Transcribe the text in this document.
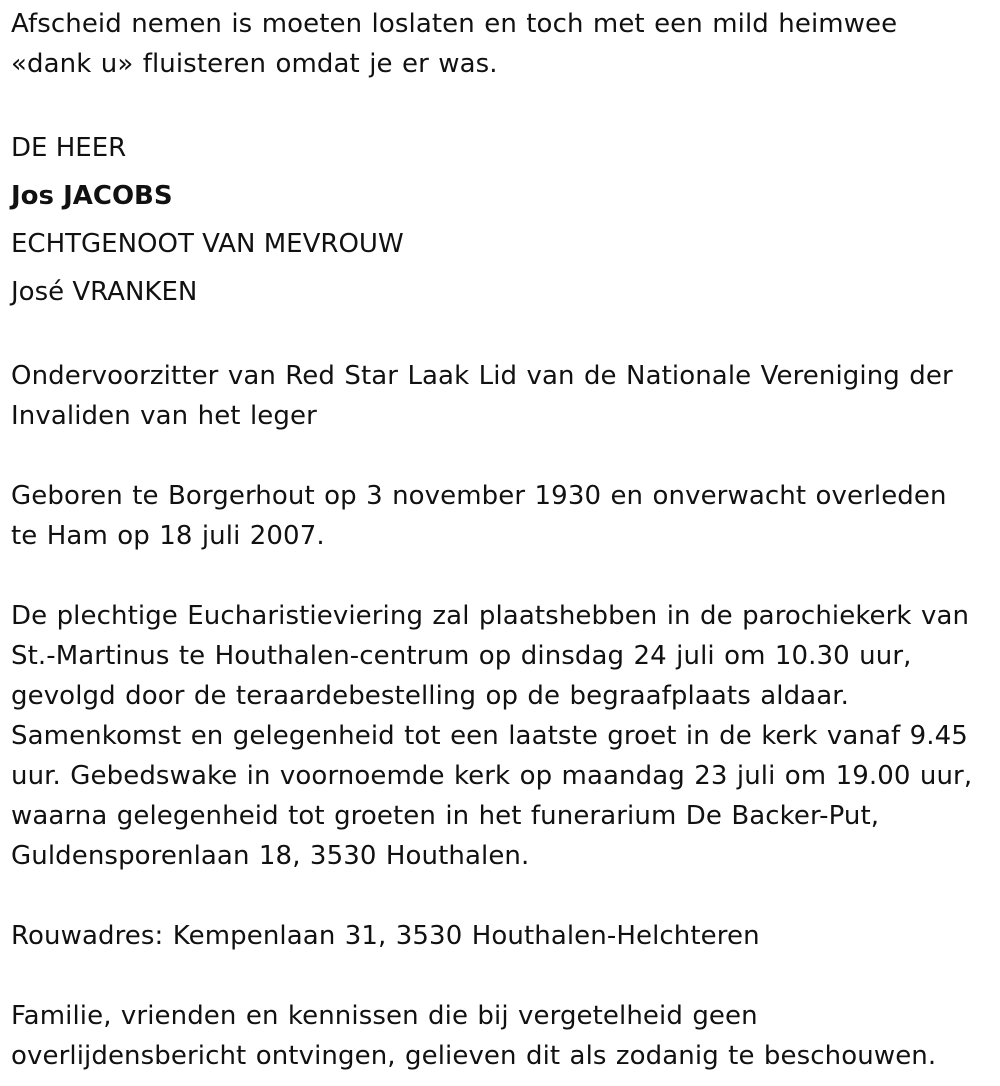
Afscheid nemen is moeten loslaten en toch met een mild heimwee

«dank u» fluisteren omdat je er was.

DE HEER

Jos JACOBS

ECHTGENOOT VAN MEVROUW

José VRANKEN

Ondervoorzitter van Red Star Laak Lid van de Nationale Vereniging der

Invaliden van het leger

Geboren te Borgerhout op 3 november 1930 en onverwacht overleden

te Ham op 18 juli 2007.

De plechtige Eucharistieviering zal plaatshebben in de parochiekerk van

St.-Martinus te Houthalen-centrum op dinsdag 24 juli om 10.30 uur,

gevolgd door de teraardebestelling op de begraafplaats aldaar.

Samenkomst en gelegenheid tot een laatste groet in de kerk vanaf 9.45

uur. Gebedswake in voornoemde kerk op maandag 23 juli om 19.00 uur,

waarna gelegenheid tot groeten in het funerarium De Backer-Put,

Guldensporenlaan 18, 3530 Houthalen.

Rouwadres: Kempenlaan 31, 3530 Houthalen-Helchteren

Familie, vrienden en kennissen die bij vergetelheid geen

overlijdensbericht ontvingen, gelieven dit als zodanig te beschouwen.
